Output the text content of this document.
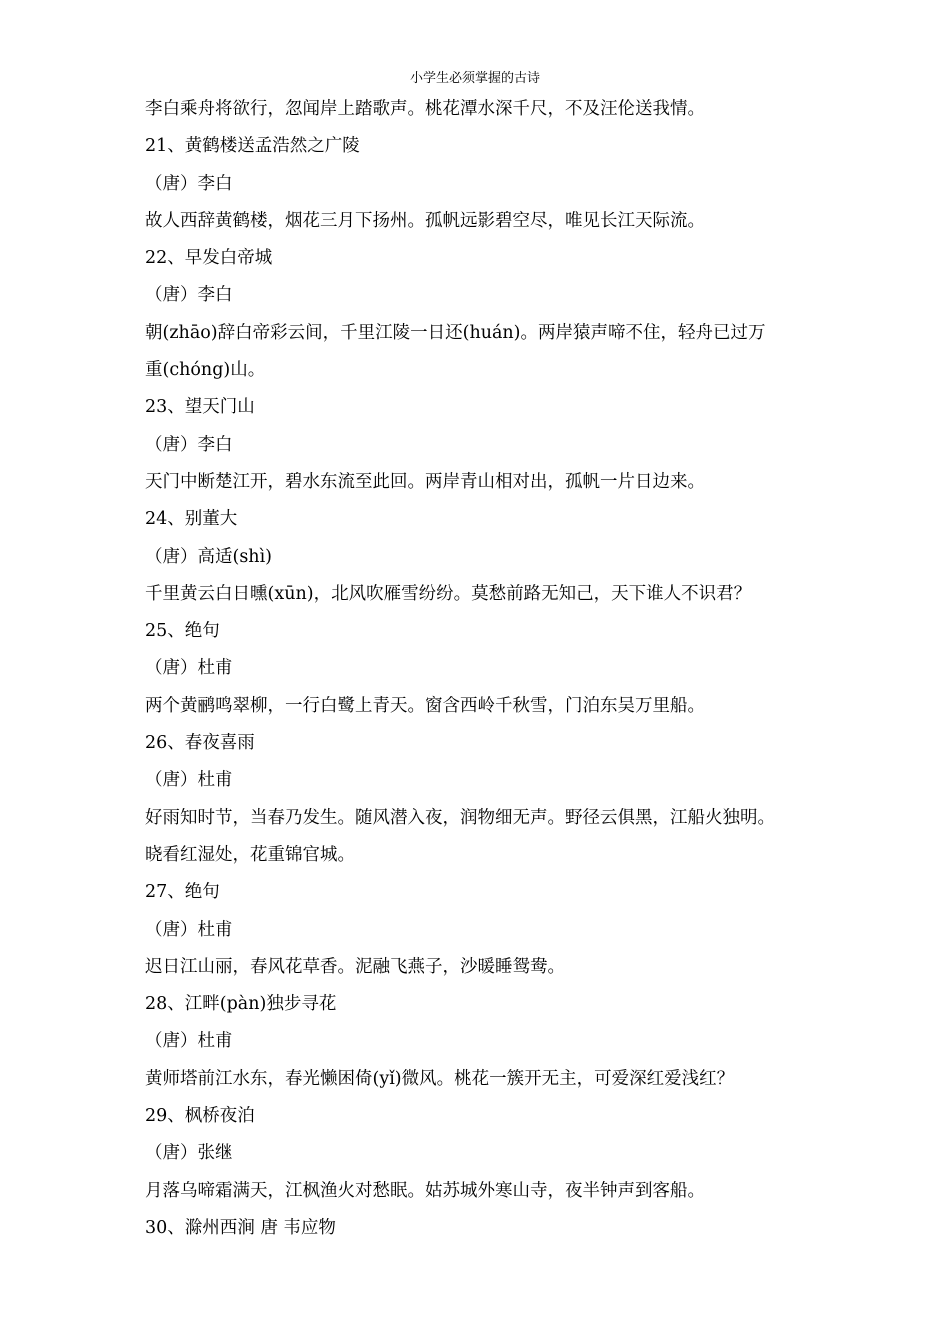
小学生必须掌握的古诗
李白乘舟将欲行，忽闻岸上踏歌声。桃花潭水深千尺，不及汪伦送我情。
21、黄鹤楼送孟浩然之广陵
（唐）李白
故人西辞黄鹤楼，烟花三月下扬州。孤帆远影碧空尽，唯见长江天际流。
22、早发白帝城
（唐）李白
朝(zhāo)辞白帝彩云间，千里江陵一日还(huán)。两岸猿声啼不住，轻舟已过万
重(chóng)山。
23、望天门山
（唐）李白
天门中断楚江开，碧水东流至此回。两岸青山相对出，孤帆一片日边来。
24、别董大
（唐）高适(shì)
千里黄云白日曛(xūn)，北风吹雁雪纷纷。莫愁前路无知己，天下谁人不识君？
25、绝句
（唐）杜甫
两个黄鹂鸣翠柳，一行白鹭上青天。窗含西岭千秋雪，门泊东吴万里船。
26、春夜喜雨
（唐）杜甫
好雨知时节，当春乃发生。随风潜入夜，润物细无声。野径云俱黑，江船火独明。
晓看红湿处，花重锦官城。
27、绝句
（唐）杜甫
迟日江山丽，春风花草香。泥融飞燕子，沙暖睡鸳鸯。
28、江畔(pàn)独步寻花
（唐）杜甫
黄师塔前江水东，春光懒困倚(yǐ)微风。桃花一簇开无主，可爱深红爱浅红？
29、枫桥夜泊
（唐）张继
月落乌啼霜满天，江枫渔火对愁眠。姑苏城外寒山寺，夜半钟声到客船。
30、滁州西涧 唐 韦应物
